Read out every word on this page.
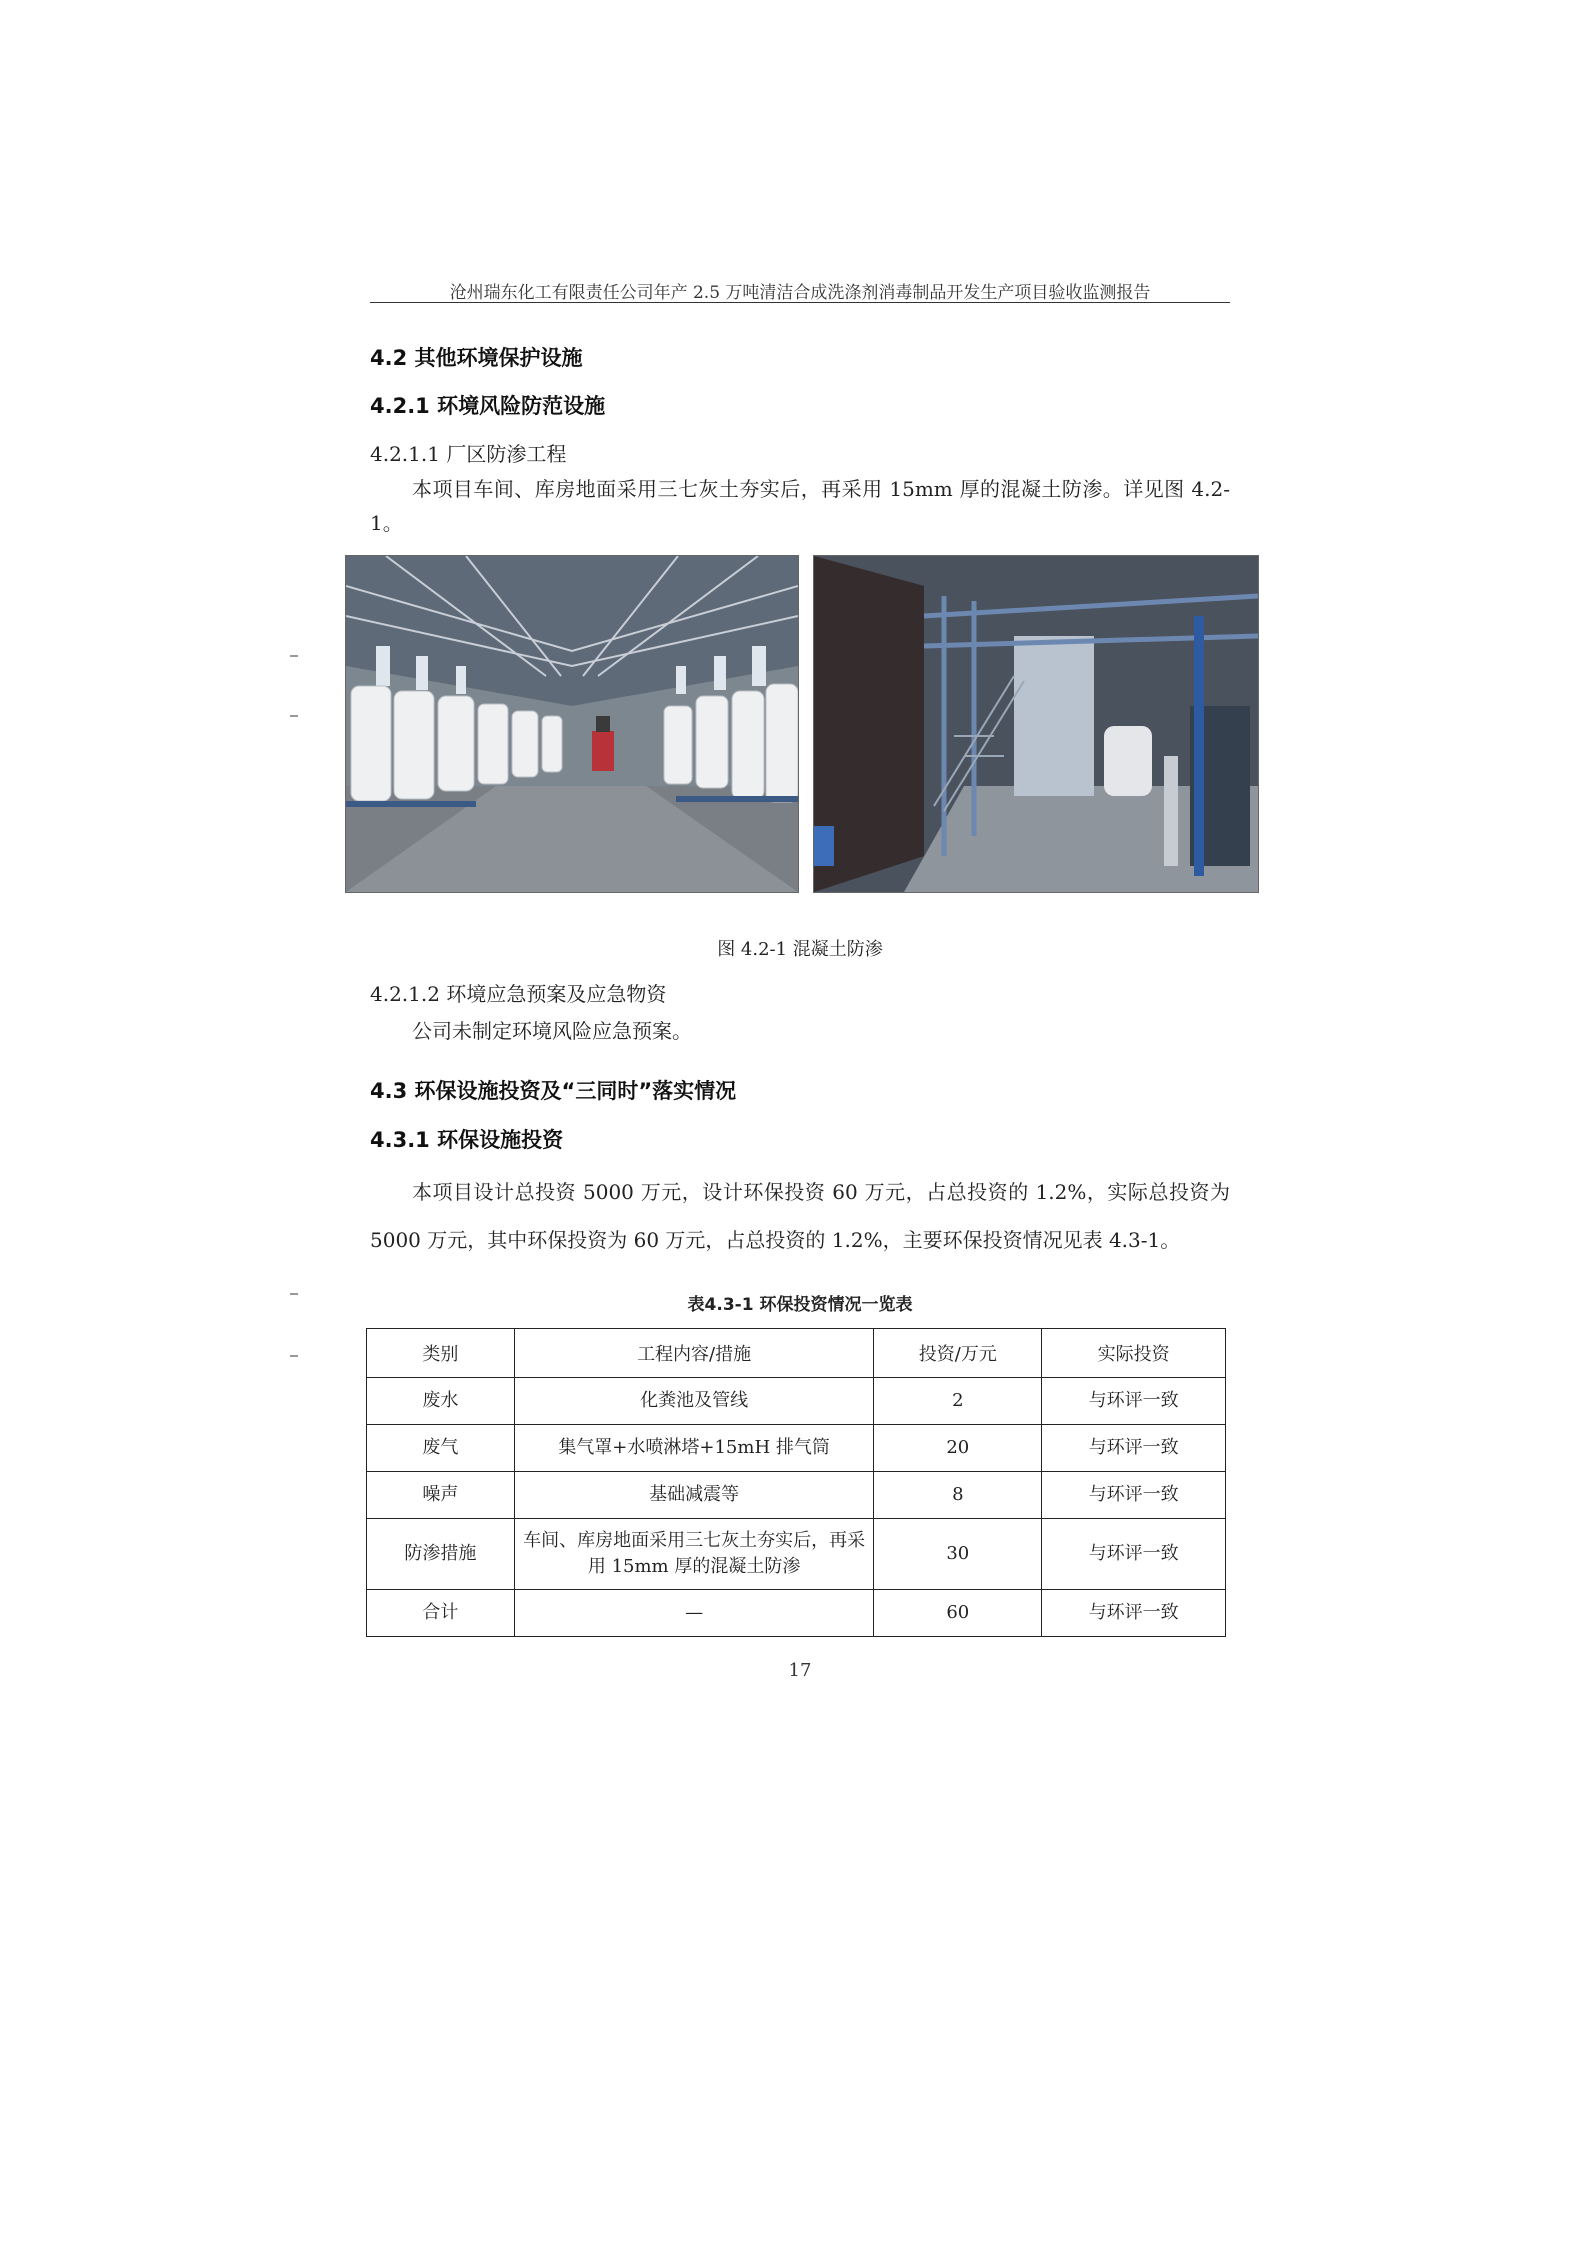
沧州瑞东化工有限责任公司年产 2.5 万吨清洁合成洗涤剂消毒制品开发生产项目验收监测报告
4.2 其他环境保护设施
4.2.1 环境风险防范设施
4.2.1.1 厂区防渗工程
本项目车间、库房地面采用三七灰土夯实后，再采用 15mm 厚的混凝土防渗。详见图 4.2-1。
图 4.2-1 混凝土防渗
4.2.1.2 环境应急预案及应急物资
公司未制定环境风险应急预案。
4.3 环保设施投资及“三同时”落实情况
4.3.1 环保设施投资
本项目设计总投资 5000 万元，设计环保投资 60 万元，占总投资的 1.2%，实际总投资为 5000 万元，其中环保投资为 60 万元，占总投资的 1.2%，主要环保投资情况见表 4.3-1。
表4.3-1 环保投资情况一览表
类别	工程内容/措施	投资/万元	实际投资
废水	化粪池及管线	2	与环评一致
废气	集气罩+水喷淋塔+15mH 排气筒	20	与环评一致
噪声	基础减震等	8	与环评一致
防渗措施	车间、库房地面采用三七灰土夯实后，再采用 15mm 厚的混凝土防渗	30	与环评一致
合计	—	60	与环评一致
17
